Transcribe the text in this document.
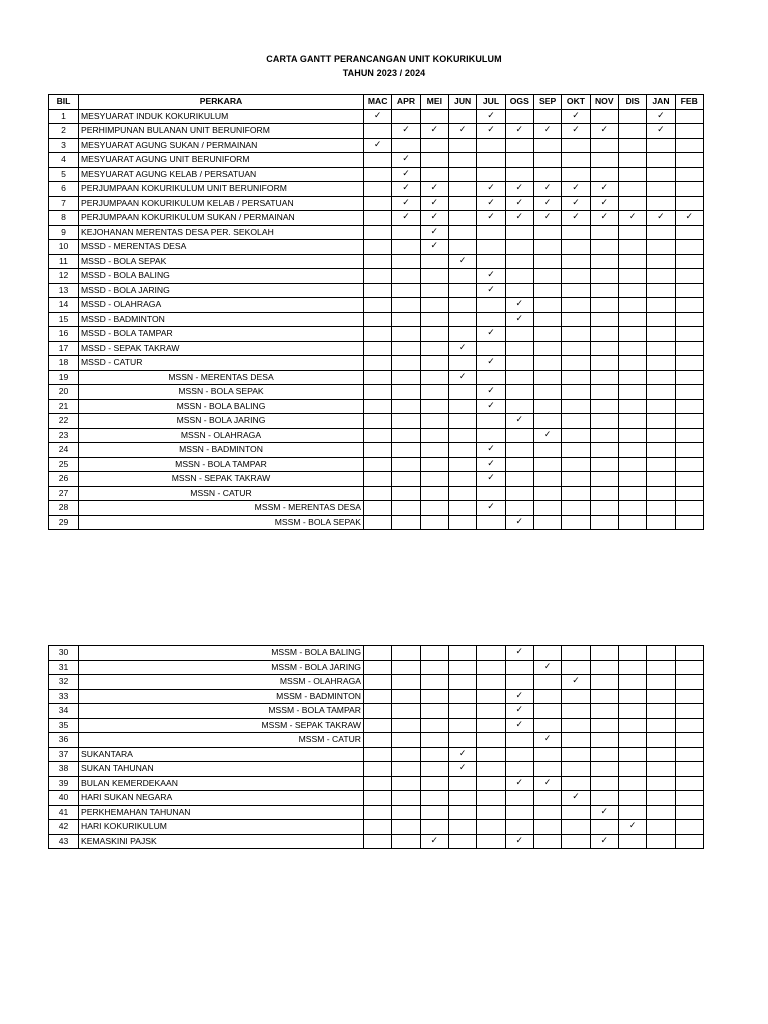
CARTA GANTT PERANCANGAN UNIT KOKURIKULUM
TAHUN 2023 / 2024
BIL	PERKARA	MAC	APR	MEI	JUN	JUL	OGS	SEP	OKT	NOV	DIS	JAN	FEB
1	MESYUARAT INDUK KOKURIKULUM	✓				✓			✓			✓	
2	PERHIMPUNAN BULANAN UNIT BERUNIFORM		✓	✓	✓	✓	✓	✓	✓	✓		✓	
3	MESYUARAT AGUNG SUKAN / PERMAINAN	✓											
4	MESYUARAT AGUNG UNIT BERUNIFORM		✓										
5	MESYUARAT AGUNG KELAB / PERSATUAN		✓										
6	PERJUMPAAN KOKURIKULUM UNIT BERUNIFORM		✓	✓		✓	✓	✓	✓	✓			
7	PERJUMPAAN KOKURIKULUM KELAB / PERSATUAN		✓	✓		✓	✓	✓	✓	✓			
8	PERJUMPAAN KOKURIKULUM SUKAN / PERMAINAN		✓	✓		✓	✓	✓	✓	✓	✓	✓	✓
9	KEJOHANAN MERENTAS DESA PER. SEKOLAH			✓									
10	MSSD - MERENTAS DESA			✓									
11	MSSD - BOLA SEPAK				✓								
12	MSSD - BOLA BALING					✓							
13	MSSD - BOLA JARING					✓							
14	MSSD - OLAHRAGA						✓						
15	MSSD - BADMINTON						✓						
16	MSSD - BOLA TAMPAR					✓							
17	MSSD - SEPAK TAKRAW				✓								
18	MSSD - CATUR					✓							
19	MSSN - MERENTAS DESA				✓								
20	MSSN - BOLA SEPAK					✓							
21	MSSN - BOLA BALING					✓							
22	MSSN - BOLA JARING						✓						
23	MSSN - OLAHRAGA							✓					
24	MSSN - BADMINTON					✓							
25	MSSN - BOLA TAMPAR					✓							
26	MSSN - SEPAK TAKRAW					✓							
27	MSSN - CATUR												
28	MSSM - MERENTAS DESA					✓							
29	MSSM - BOLA SEPAK						✓						
30	MSSM - BOLA BALING						✓						
31	MSSM - BOLA JARING							✓					
32	MSSM - OLAHRAGA								✓				
33	MSSM - BADMINTON						✓						
34	MSSM - BOLA TAMPAR						✓						
35	MSSM - SEPAK TAKRAW						✓						
36	MSSM - CATUR							✓					
37	SUKANTARA				✓								
38	SUKAN TAHUNAN				✓								
39	BULAN KEMERDEKAAN						✓	✓					
40	HARI SUKAN NEGARA								✓				
41	PERKHEMAHAN TAHUNAN									✓			
42	HARI KOKURIKULUM										✓		
43	KEMASKINI PAJSK			✓			✓			✓			
